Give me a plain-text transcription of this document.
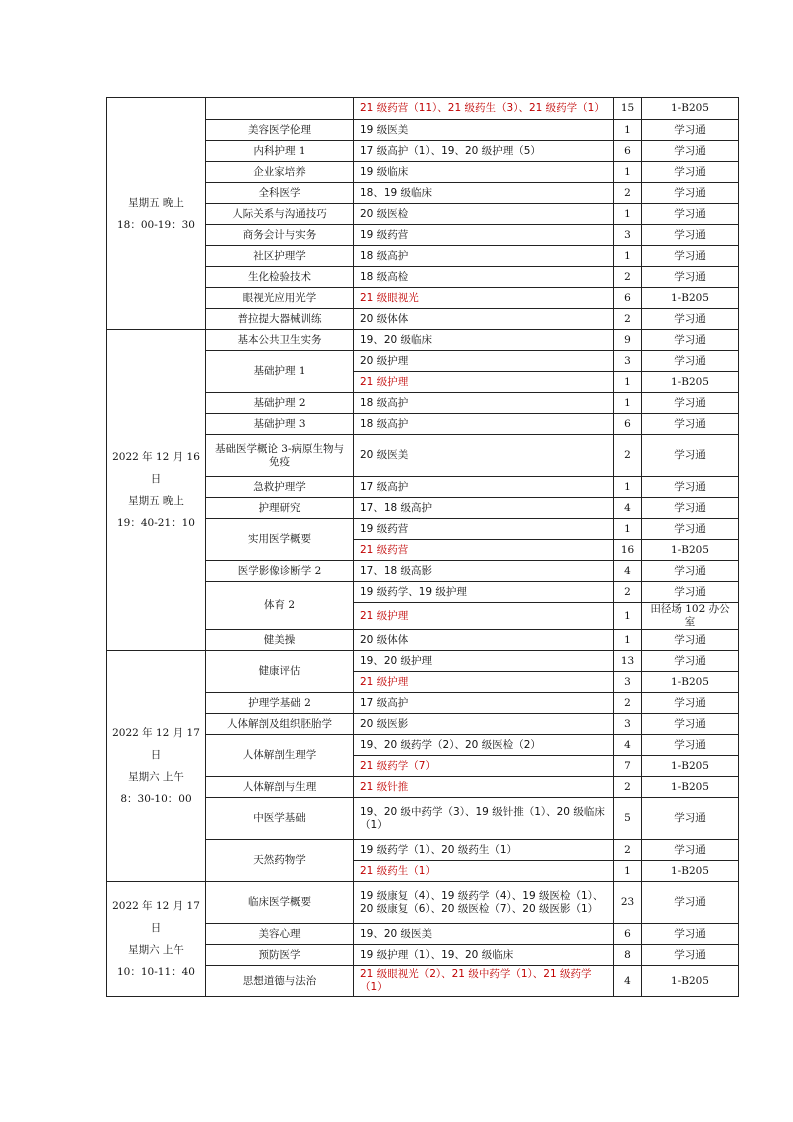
星期五 晚上
18：00-19：30		21 级药营（11）、21 级药生（3）、21 级药学（1）	15	1-B205
	美容医学伦理	19 级医美	1	学习通
	内科护理 1	17 级高护（1）、19、20 级护理（5）	6	学习通
	企业家培养	19 级临床	1	学习通
	全科医学	18、19 级临床	2	学习通
	人际关系与沟通技巧	20 级医检	1	学习通
	商务会计与实务	19 级药营	3	学习通
	社区护理学	18 级高护	1	学习通
	生化检验技术	18 级高检	2	学习通
	眼视光应用光学	21 级眼视光	6	1-B205
	普拉提大器械训练	20 级体体	2	学习通

2022 年 12 月 16 日
星期五 晚上
19：40-21：10	基本公共卫生实务	19、20 级临床	9	学习通
	基础护理 1	20 级护理	3	学习通
		21 级护理	1	1-B205
	基础护理 2	18 级高护	1	学习通
	基础护理 3	18 级高护	6	学习通
	基础医学概论 3-病原生物与免疫	20 级医美	2	学习通
	急救护理学	17 级高护	1	学习通
	护理研究	17、18 级高护	4	学习通
	实用医学概要	19 级药营	1	学习通
		21 级药营	16	1-B205
	医学影像诊断学 2	17、18 级高影	4	学习通
	体育 2	19 级药学、19 级护理	2	学习通
		21 级护理	1	田径场 102 办公室
	健美操	20 级体体	1	学习通

2022 年 12 月 17 日
星期六 上午
8：30-10：00	健康评估	19、20 级护理	13	学习通
		21 级护理	3	1-B205
	护理学基础 2	17 级高护	2	学习通
	人体解剖及组织胚胎学	20 级医影	3	学习通
	人体解剖生理学	19、20 级药学（2）、20 级医检（2）	4	学习通
		21 级药学（7）	7	1-B205
	人体解剖与生理	21 级针推	2	1-B205
	中医学基础	19、20 级中药学（3）、19 级针推（1）、20 级临床（1）	5	学习通
	天然药物学	19 级药学（1）、20 级药生（1）	2	学习通
		21 级药生（1）	1	1-B205

2022 年 12 月 17 日
星期六 上午
10：10-11：40	临床医学概要	19 级康复（4）、19 级药学（4）、19 级医检（1）、20 级康复（6）、20 级医检（7）、20 级医影（1）	23	学习通
	美容心理	19、20 级医美	6	学习通
	预防医学	19 级护理（1）、19、20 级临床	8	学习通
	思想道德与法治	21 级眼视光（2）、21 级中药学（1）、21 级药学（1）	4	1-B205
